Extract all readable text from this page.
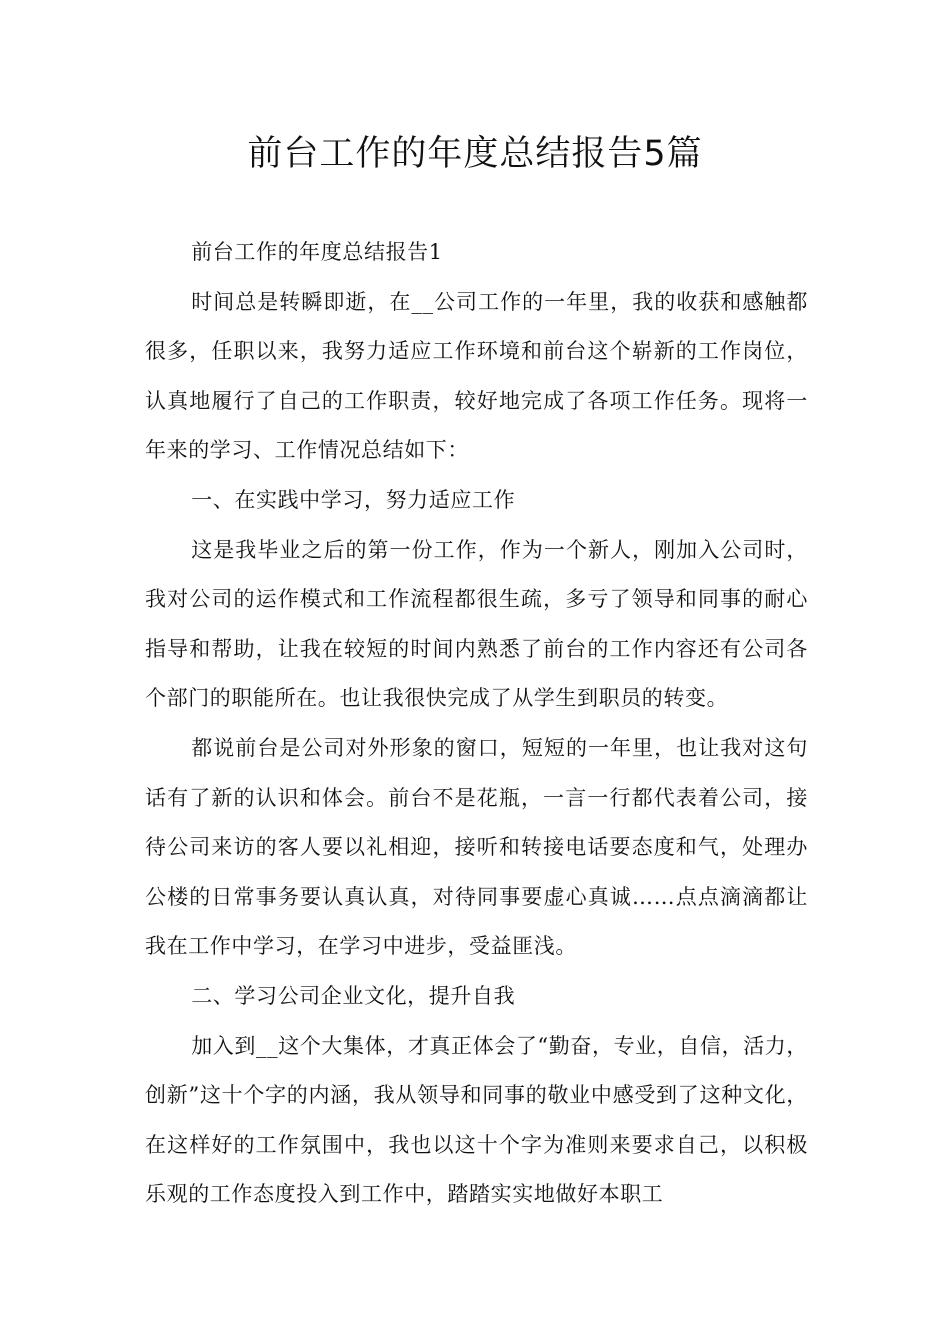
前台工作的年度总结报告5篇

前台工作的年度总结报告1

时间总是转瞬即逝，在__公司工作的一年里，我的收获和感触都很多，任职以来，我努力适应工作环境和前台这个崭新的工作岗位，认真地履行了自己的工作职责，较好地完成了各项工作任务。现将一年来的学习、工作情况总结如下：

一、在实践中学习，努力适应工作

这是我毕业之后的第一份工作，作为一个新人，刚加入公司时，我对公司的运作模式和工作流程都很生疏，多亏了领导和同事的耐心指导和帮助，让我在较短的时间内熟悉了前台的工作内容还有公司各个部门的职能所在。也让我很快完成了从学生到职员的转变。

都说前台是公司对外形象的窗口，短短的一年里，也让我对这句话有了新的认识和体会。前台不是花瓶，一言一行都代表着公司，接待公司来访的客人要以礼相迎，接听和转接电话要态度和气，处理办公楼的日常事务要认真认真，对待同事要虚心真诚……点点滴滴都让我在工作中学习，在学习中进步，受益匪浅。

二、学习公司企业文化，提升自我

加入到__这个大集体，才真正体会了“勤奋，专业，自信，活力，创新”这十个字的内涵，我从领导和同事的敬业中感受到了这种文化，在这样好的工作氛围中，我也以这十个字为准则来要求自己，以积极乐观的工作态度投入到工作中，踏踏实实地做好本职工
